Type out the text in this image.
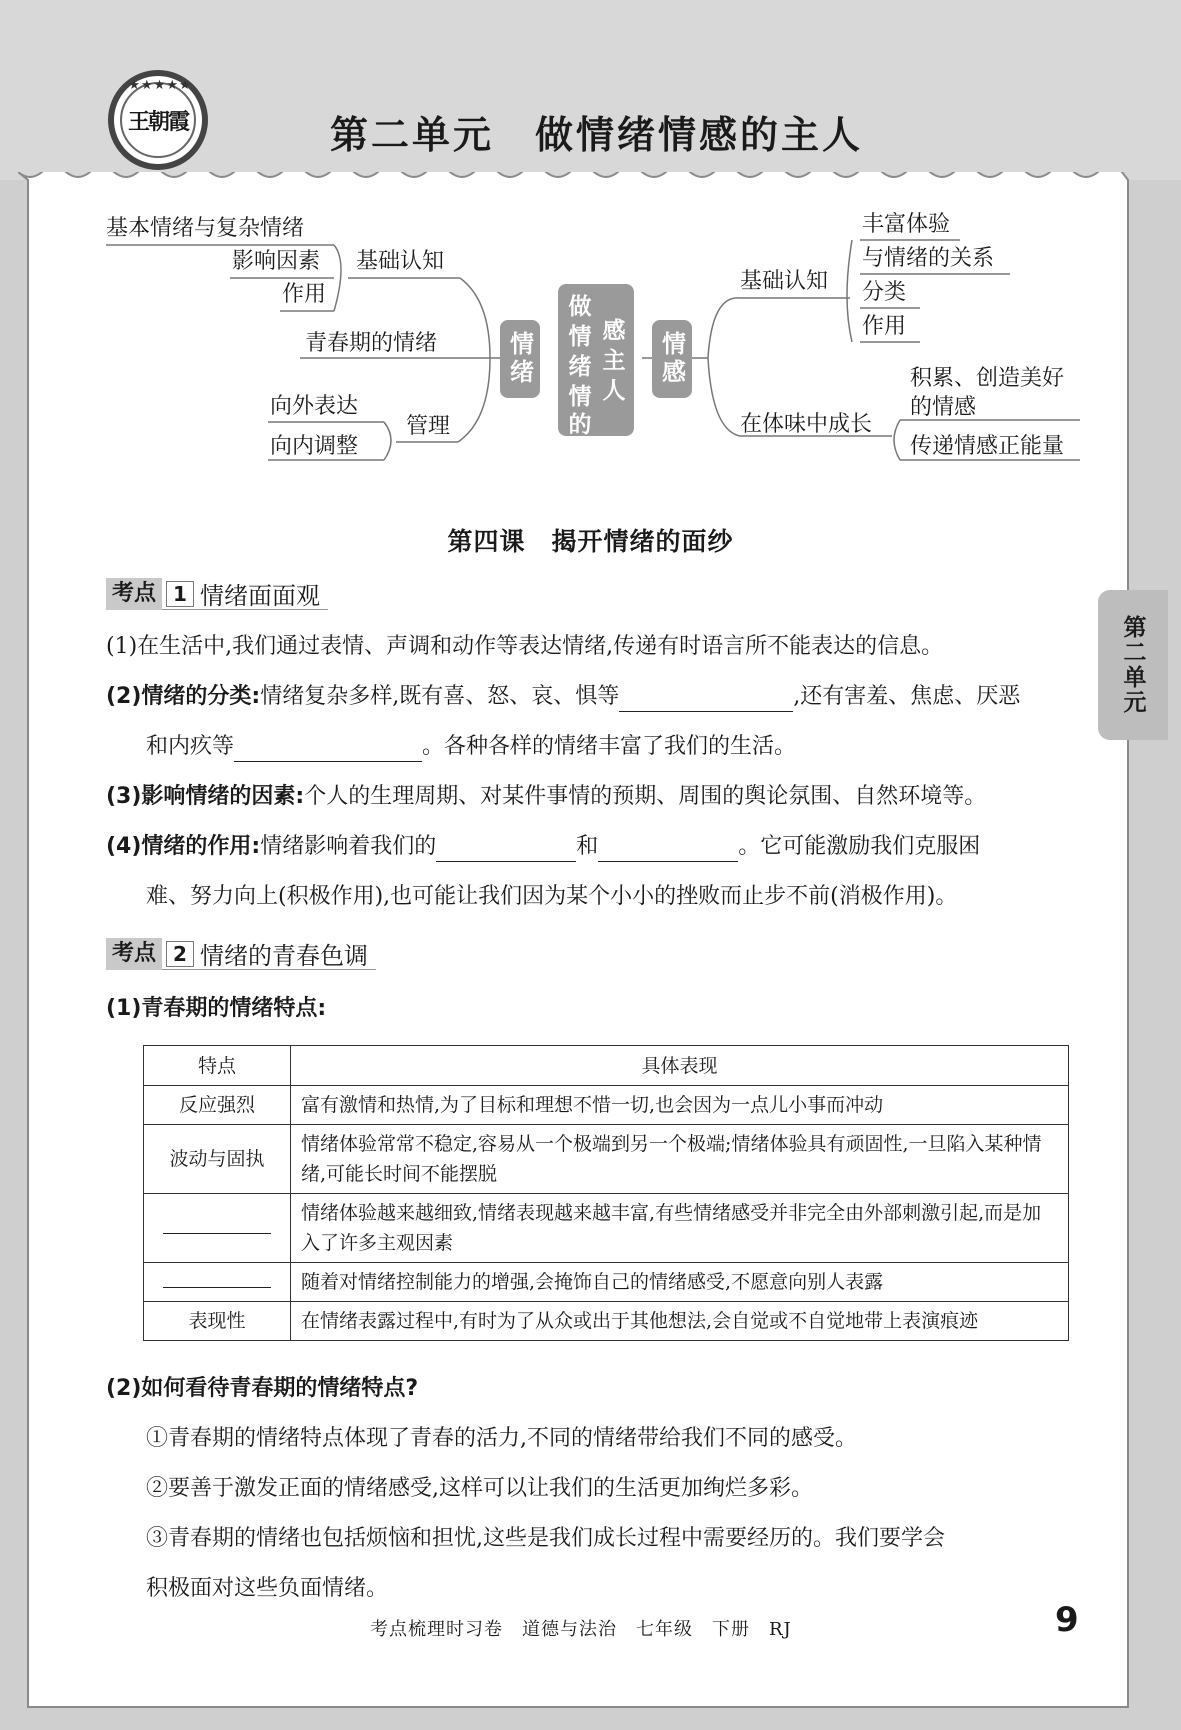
王朝霞
★★★★★
第二单元　做情绪情感的主人
第二单元
基本情绪与复杂情绪
影响因素
作用
基础认知
青春期的情绪
向外表达
向内调整
管理
情绪
做
情
绪
情
的
感
主
人
情感
基础认知
丰富体验
与情绪的关系
分类
作用
在体味中成长
积累、创造美好的情感
传递情感正能量
第四课　揭开情绪的面纱
考点 1 情绪面面观
(1)在生活中,我们通过表情、声调和动作等表达情绪,传递有时语言所不能表达的信息。
(2)情绪的分类:情绪复杂多样,既有喜、怒、哀、惧等	,还有害羞、焦虑、厌恶
和内疚等	。各种各样的情绪丰富了我们的生活。
(3)影响情绪的因素:个人的生理周期、对某件事情的预期、周围的舆论氛围、自然环境等。
(4)情绪的作用:情绪影响着我们的	和	。它可能激励我们克服困
难、努力向上(积极作用),也可能让我们因为某个小小的挫败而止步不前(消极作用)。
考点 2 情绪的青春色调
(1)青春期的情绪特点:
特点	具体表现
反应强烈	富有激情和热情,为了目标和理想不惜一切,也会因为一点儿小事而冲动
波动与固执	情绪体验常常不稳定,容易从一个极端到另一个极端;情绪体验具有顽固性,一旦陷入某种情绪,可能长时间不能摆脱
	情绪体验越来越细致,情绪表现越来越丰富,有些情绪感受并非完全由外部刺激引起,而是加入了许多主观因素
	随着对情绪控制能力的增强,会掩饰自己的情绪感受,不愿意向别人表露
表现性	在情绪表露过程中,有时为了从众或出于其他想法,会自觉或不自觉地带上表演痕迹
(2)如何看待青春期的情绪特点?
①青春期的情绪特点体现了青春的活力,不同的情绪带给我们不同的感受。
②要善于激发正面的情绪感受,这样可以让我们的生活更加绚烂多彩。
③青春期的情绪也包括烦恼和担忧,这些是我们成长过程中需要经历的。我们要学会
积极面对这些负面情绪。
考点梳理时习卷　道德与法治　七年级　下册　RJ	9
